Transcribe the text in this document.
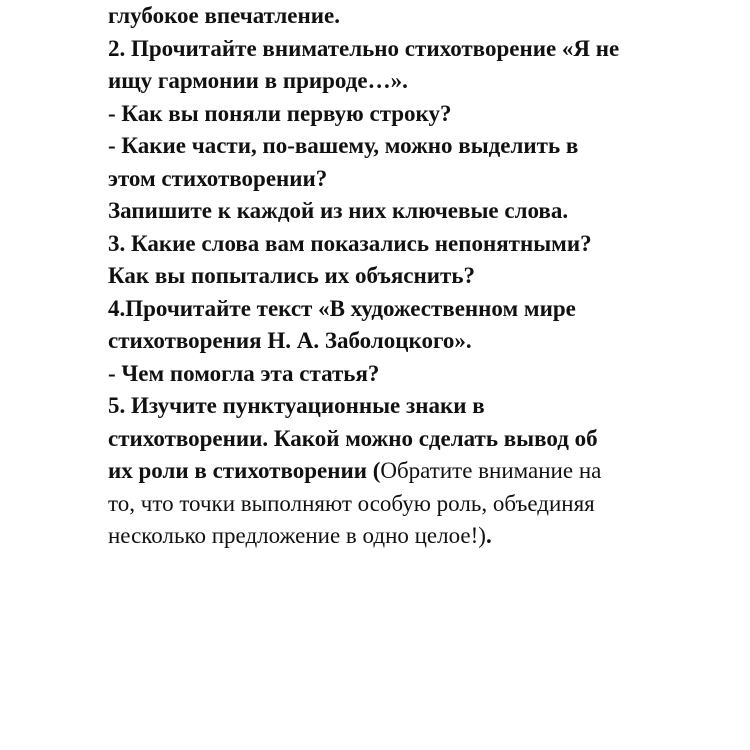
глубокое впечатление.
2. Прочитайте внимательно стихотворение «Я не
ищу гармонии в природе…».
- Как вы поняли первую строку?
- Какие части, по-вашему, можно выделить в
этом стихотворении?
Запишите к каждой из них ключевые слова.
3. Какие слова вам показались непонятными?
Как вы попытались их объяснить?
4.Прочитайте текст «В художественном мире
стихотворения Н. А. Заболоцкого».
- Чем помогла эта статья?
5. Изучите пунктуационные знаки в
стихотворении. Какой можно сделать вывод об
их роли в стихотворении (Обратите внимание на
то, что точки выполняют особую роль, объединяя
несколько предложение в одно целое!).
